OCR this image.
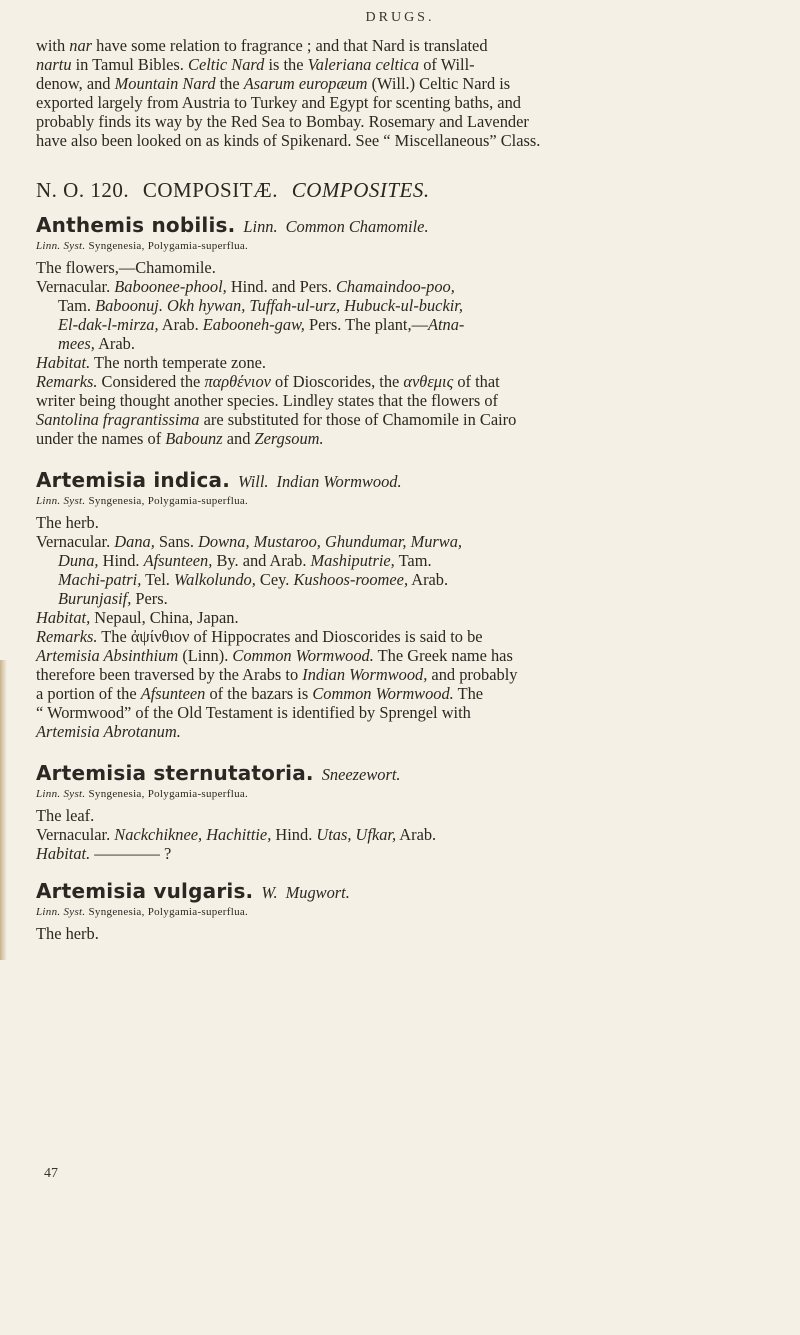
DRUGS.

with nar have some relation to fragrance ; and that Nard is translated

nartu in Tamul Bibles. Celtic Nard is the Valeriana celtica of Will-

denow, and Mountain Nard the Asarum europæum (Will.) Celtic Nard is

exported largely from Austria to Turkey and Egypt for scenting baths, and

probably finds its way by the Red Sea to Bombay. Rosemary and Lavender

have also been looked on as kinds of Spikenard. See “ Miscellaneous” Class.

N. O. 120. COMPOSITÆ. COMPOSITES.
Anthemis nobilis. Linn. Common Chamomile.
Linn. Syst. Syngenesia, Polygamia-superflua.

The flowers,—Chamomile.

Vernacular. Baboonee-phool, Hind. and Pers. Chamaindoo-poo,

Tam. Baboonuj. Okh hywan, Tuffah-ul-urz, Hubuck-ul-buckir,

El-dak-l-mirza, Arab. Eabooneh-gaw, Pers. The plant,—Atna-

mees, Arab.

Habitat. The north temperate zone.

Remarks. Considered the παρθένιον of Dioscorides, the ανθεμις of that

writer being thought another species. Lindley states that the flowers of

Santolina fragrantissima are substituted for those of Chamomile in Cairo

under the names of Babounz and Zergsoum.

Artemisia indica. Will. Indian Wormwood.
Linn. Syst. Syngenesia, Polygamia-superflua.

The herb.

Vernacular. Dana, Sans. Downa, Mustaroo, Ghundumar, Murwa,

Duna, Hind. Afsunteen, By. and Arab. Mashiputrie, Tam.

Machi-patri, Tel. Walkolundo, Cey. Kushoos-roomee, Arab.

Burunjasif, Pers.

Habitat, Nepaul, China, Japan.

Remarks. The ἀψίνθιον of Hippocrates and Dioscorides is said to be

Artemisia Absinthium (Linn). Common Wormwood. The Greek name has

therefore been traversed by the Arabs to Indian Wormwood, and probably

a portion of the Afsunteen of the bazars is Common Wormwood. The

“ Wormwood” of the Old Testament is identified by Sprengel with

Artemisia Abrotanum.

Artemisia sternutatoria. Sneezewort.
Linn. Syst. Syngenesia, Polygamia-superflua.

The leaf.

Vernacular. Nackchiknee, Hachittie, Hind. Utas, Ufkar, Arab.

Habitat. ———— ?

Artemisia vulgaris. W. Mugwort.
Linn. Syst. Syngenesia, Polygamia-superflua.

The herb.

47
